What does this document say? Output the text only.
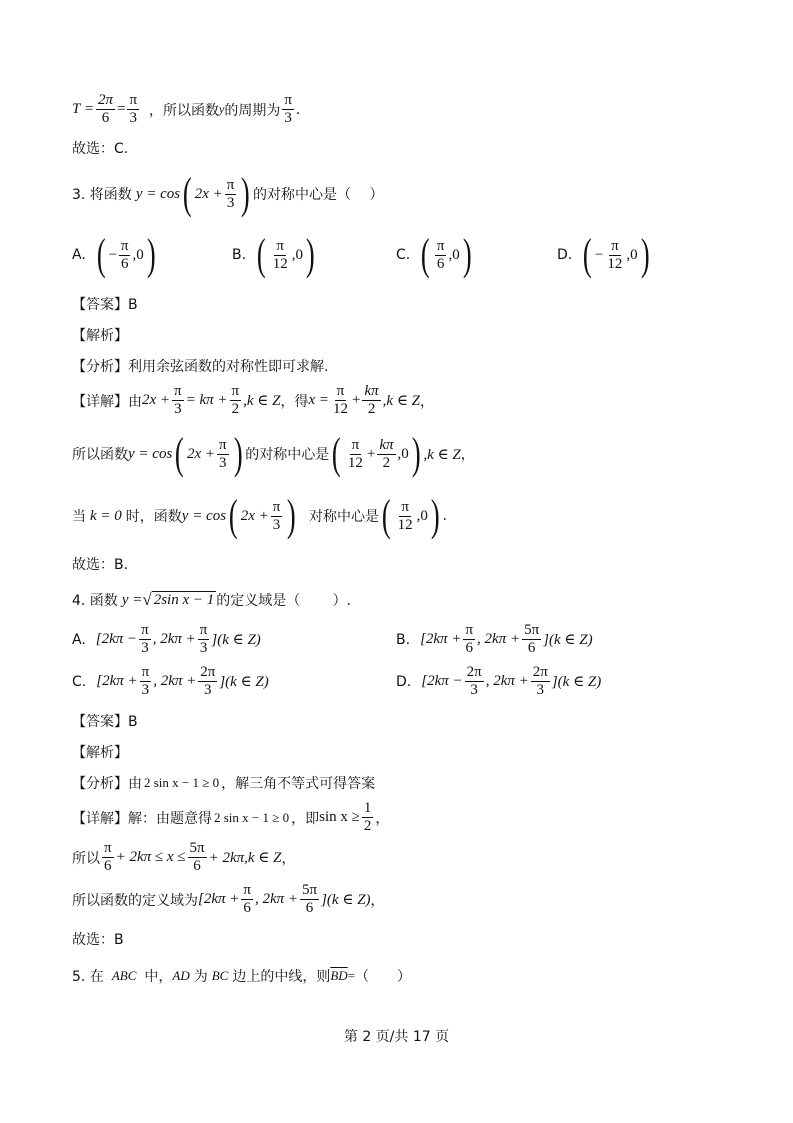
$T = \frac{2\pi}{6} = \frac{\pi}{3}$ ，所以函数 y 的周期为 $\frac{\pi}{3}$ .
故选：C.
3. 将函数 y = cos ( $2x + \frac{\pi}{3}$ ) 的对称中心是（　 ）
A. ( − $\frac{\pi}{6} ,0$ )	B. ( $\frac{\pi}{12} ,0$ )	C. ( $\frac{\pi}{6} ,0$ )	D. ( − $\frac{\pi}{12} ,0$ )
【答案】B
【解析】
【分析】利用余弦函数的对称性即可求解.
【详解】由 $2x + \frac{\pi}{3} = k\pi + \frac{\pi}{2} ,k$ ∈ Z ，得 $x = \frac{\pi}{12} + \frac{k\pi}{2} ,k$ ∈ Z ，
所以函数 y = cos ( $2x + \frac{\pi}{3}$ ) 的对称中心是 ( $\frac{\pi}{12} + \frac{k\pi}{2} ,0$ ) ,k ∈ Z ，
当 k = 0 时，函数 y = cos ( $2x + \frac{\pi}{3}$ ) 对称中心是 ( $\frac{\pi}{12} ,0$ ) .
故选：B.
4. 函数 y = √ 2sin x − 1 的定义域是（　　 ）.
A. [$2k\pi - \frac{\pi}{3}$ , $2k\pi + \frac{\pi}{3} ](k$ ∈ Z)	B. [$2k\pi + \frac{\pi}{6}$ , $2k\pi + \frac{5\pi}{6} ](k$ ∈ Z)
C. [$2k\pi + \frac{\pi}{3}$ , $2k\pi + \frac{2\pi}{3} ](k$ ∈ Z)	D. [$2k\pi - \frac{2\pi}{3}$ , $2k\pi + \frac{2\pi}{3} ](k$ ∈ Z)
【答案】B
【解析】
【分析】由 2 sin x − 1 ≥ 0 ，解三角不等式可得答案
【详解】解：由题意得 2 sin x − 1 ≥ 0 ，即 $\sin x \ge \frac{1}{2}$ ，
所以 $\frac{\pi}{6} + 2k\pi \le x \le \frac{5\pi}{6} + 2k\pi,k$ ∈ Z ，
所以函数的定义域为 [$2k\pi + \frac{\pi}{6}$ , $2k\pi + \frac{5\pi}{6} ](k$ ∈ Z) ，
故选：B
5. 在 ABC 中， AD 为 BC 边上的中线，则 $\overline{BD}$ = （　　）
第 2 页/共 17 页
